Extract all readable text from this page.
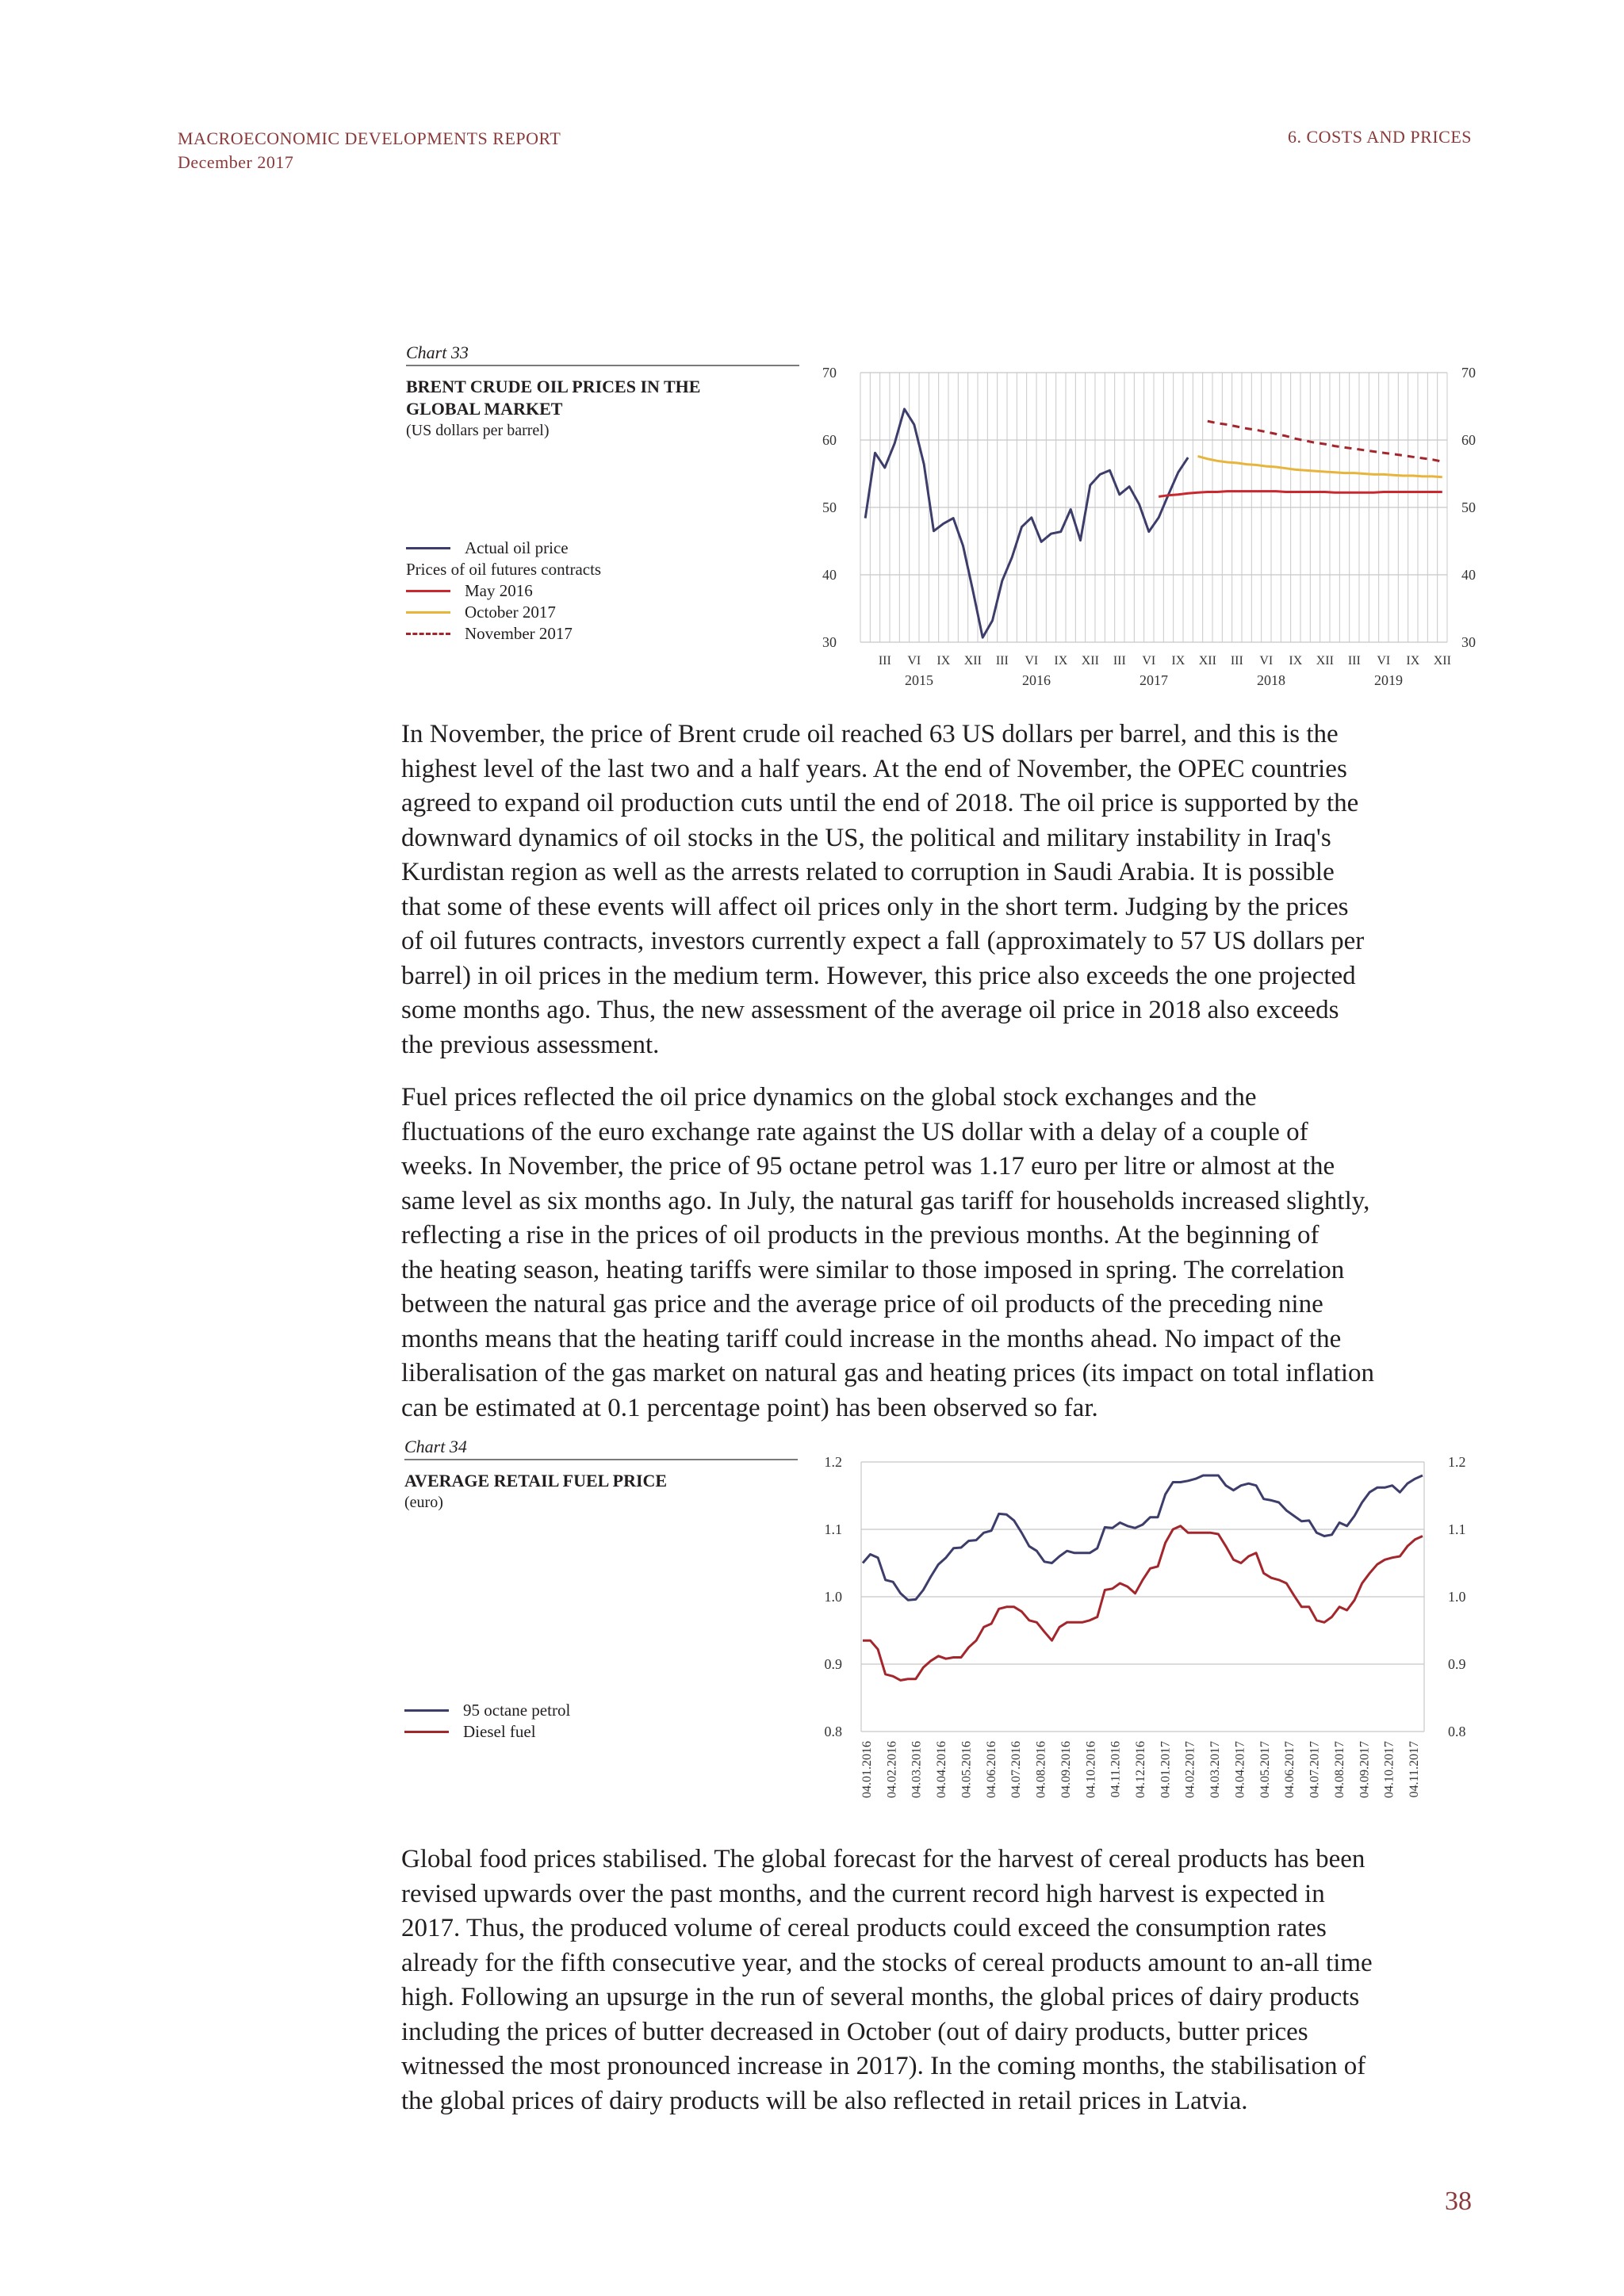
MACROECONOMIC DEVELOPMENTS REPORT
December 2017
6. COSTS AND PRICES
Chart 33
BRENT CRUDE OIL PRICES IN THE GLOBAL MARKET
(US dollars per barrel)
Actual oil price
Prices of oil futures contracts
May 2016
October 2017
November 2017
70	70
60	60
50	50
40	40
30	30
III VI IX XII III VI IX XII III VI IX XII III VI IX XII III VI IX XII
2015	2016	2017	2018	2019
In November, the price of Brent crude oil reached 63 US dollars per barrel, and this is the
highest level of the last two and a half years. At the end of November, the OPEC countries
agreed to expand oil production cuts until the end of 2018. The oil price is supported by the
downward dynamics of oil stocks in the US, the political and military instability in Iraq's
Kurdistan region as well as the arrests related to corruption in Saudi Arabia. It is possible
that some of these events will affect oil prices only in the short term. Judging by the prices
of oil futures contracts, investors currently expect a fall (approximately to 57 US dollars per
barrel) in oil prices in the medium term. However, this price also exceeds the one projected
some months ago. Thus, the new assessment of the average oil price in 2018 also exceeds
the previous assessment.
Fuel prices reflected the oil price dynamics on the global stock exchanges and the
fluctuations of the euro exchange rate against the US dollar with a delay of a couple of
weeks. In November, the price of 95 octane petrol was 1.17 euro per litre or almost at the
same level as six months ago. In July, the natural gas tariff for households increased slightly,
reflecting a rise in the prices of oil products in the previous months. At the beginning of
the heating season, heating tariffs were similar to those imposed in spring. The correlation
between the natural gas price and the average price of oil products of the preceding nine
months means that the heating tariff could increase in the months ahead. No impact of the
liberalisation of the gas market on natural gas and heating prices (its impact on total inflation
can be estimated at 0.1 percentage point) has been observed so far.
Chart 34
AVERAGE RETAIL FUEL PRICE
(euro)
95 octane petrol
Diesel fuel
1.2	1.2
1.1	1.1
1.0	1.0
0.9	0.9
0.8	0.8
04.01.2016 04.02.2016 04.03.2016 04.04.2016 04.05.2016 04.06.2016 04.07.2016 04.08.2016 04.09.2016 04.10.2016 04.11.2016 04.12.2016 04.01.2017 04.02.2017 04.03.2017 04.04.2017 04.05.2017 04.06.2017 04.07.2017 04.08.2017 04.09.2017 04.10.2017 04.11.2017
Global food prices stabilised. The global forecast for the harvest of cereal products has been
revised upwards over the past months, and the current record high harvest is expected in
2017. Thus, the produced volume of cereal products could exceed the consumption rates
already for the fifth consecutive year, and the stocks of cereal products amount to an-all time
high. Following an upsurge in the run of several months, the global prices of dairy products
including the prices of butter decreased in October (out of dairy products, butter prices
witnessed the most pronounced increase in 2017). In the coming months, the stabilisation of
the global prices of dairy products will be also reflected in retail prices in Latvia.
38
